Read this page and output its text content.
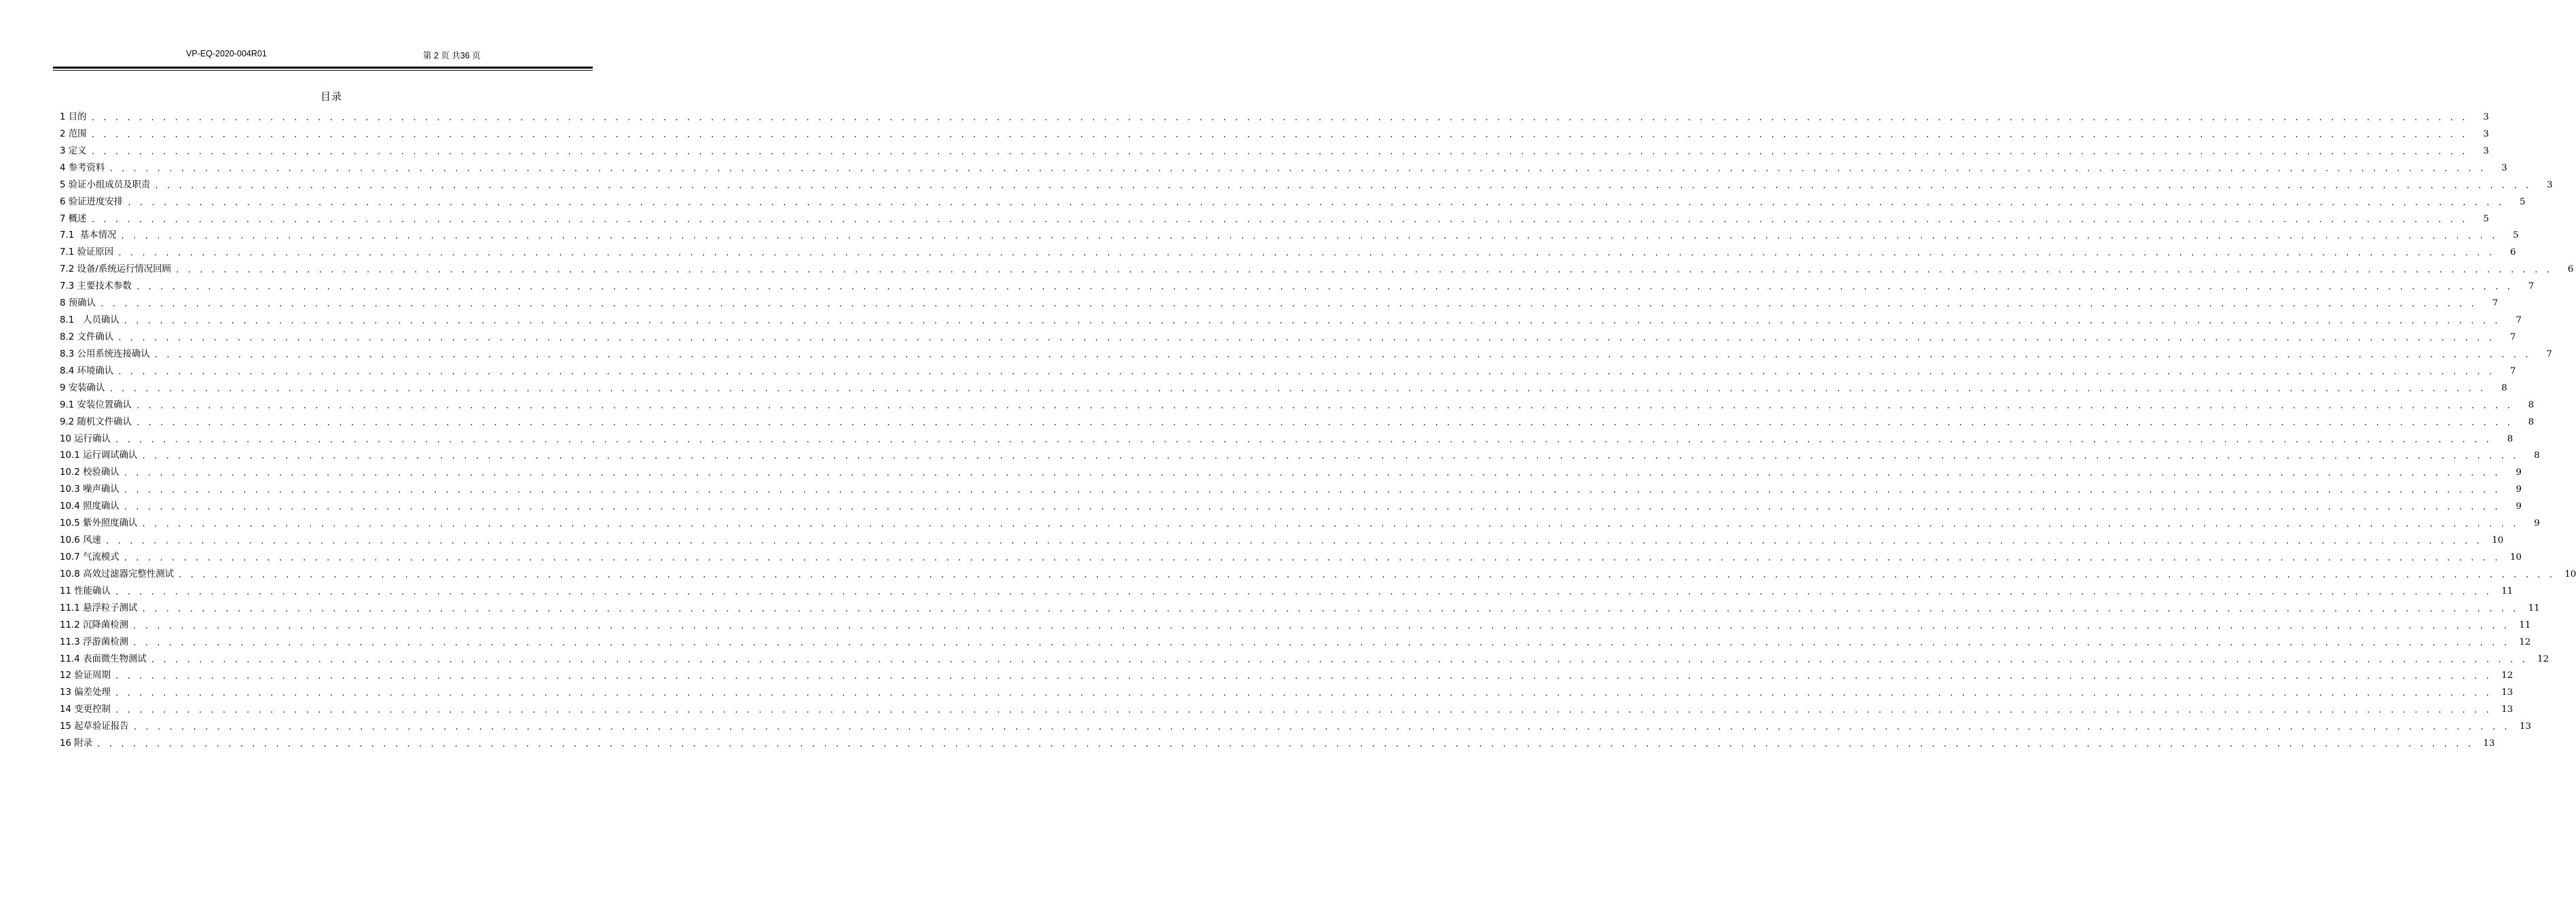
VP-EQ-2020-004R01	第 2 页 共36 页
目录
1 目的 . . . . . . . . . . . . . . . . . . . . . . . . . . . . . . . . . . . . . . . . . . . . . . . . . . . . . . . . . . . . . . . . . . . . . . . . . . . . . . . . . . . . . . . . . . . . . . . . . . . . . . . . . . . . . . . . . . . . . . . . . . . . . . . . . . . . . . . . . . . . . . . . . . . . . . . . . . . . . . . . . . . . . . . . . . . . . . . . . . . . . . . . . . . . . . . . . . . . . . . .	3
2 范围 . . . . . . . . . . . . . . . . . . . . . . . . . . . . . . . . . . . . . . . . . . . . . . . . . . . . . . . . . . . . . . . . . . . . . . . . . . . . . . . . . . . . . . . . . . . . . . . . . . . . . . . . . . . . . . . . . . . . . . . . . . . . . . . . . . . . . . . . . . . . . . . . . . . . . . . . . . . . . . . . . . . . . . . . . . . . . . . . . . . . . . . . . . . . . . . . . . . . . . . .	3
3 定义 . . . . . . . . . . . . . . . . . . . . . . . . . . . . . . . . . . . . . . . . . . . . . . . . . . . . . . . . . . . . . . . . . . . . . . . . . . . . . . . . . . . . . . . . . . . . . . . . . . . . . . . . . . . . . . . . . . . . . . . . . . . . . . . . . . . . . . . . . . . . . . . . . . . . . . . . . . . . . . . . . . . . . . . . . . . . . . . . . . . . . . . . . . . . . . . . . . . . . . . .	3
4 参考资料 . . . . . . . . . . . . . . . . . . . . . . . . . . . . . . . . . . . . . . . . . . . . . . . . . . . . . . . . . . . . . . . . . . . . . . . . . . . . . . . . . . . . . . . . . . . . . . . . . . . . . . . . . . . . . . . . . . . . . . . . . . . . . . . . . . . . . . . . . . . . . . . . . . . . . . . . . . . . . . . . . . . . . . . . . . . . . . . . . . . . . . . . . . . . . . . . . . . . . . . .	3
5 验证小组成员及职责 . . . . . . . . . . . . . . . . . . . . . . . . . . . . . . . . . . . . . . . . . . . . . . . . . . . . . . . . . . . . . . . . . . . . . . . . . . . . . . . . . . . . . . . . . . . . . . . . . . . . . . . . . . . . . . . . . . . . . . . . . . . . . . . . . . . . . . . . . . . . . . . . . . . . . . . . . . . . . . . . . . . . . . . . . . . . . . . . . . . . . . . . . . . . . . . . . . . . . . . .	3
6 验证进度安排 . . . . . . . . . . . . . . . . . . . . . . . . . . . . . . . . . . . . . . . . . . . . . . . . . . . . . . . . . . . . . . . . . . . . . . . . . . . . . . . . . . . . . . . . . . . . . . . . . . . . . . . . . . . . . . . . . . . . . . . . . . . . . . . . . . . . . . . . . . . . . . . . . . . . . . . . . . . . . . . . . . . . . . . . . . . . . . . . . . . . . . . . . . . . . . . . . . . . . . . .	5
7 概述 . . . . . . . . . . . . . . . . . . . . . . . . . . . . . . . . . . . . . . . . . . . . . . . . . . . . . . . . . . . . . . . . . . . . . . . . . . . . . . . . . . . . . . . . . . . . . . . . . . . . . . . . . . . . . . . . . . . . . . . . . . . . . . . . . . . . . . . . . . . . . . . . . . . . . . . . . . . . . . . . . . . . . . . . . . . . . . . . . . . . . . . . . . . . . . . . . . . . . . . .	5
7.1  基本情况 . . . . . . . . . . . . . . . . . . . . . . . . . . . . . . . . . . . . . . . . . . . . . . . . . . . . . . . . . . . . . . . . . . . . . . . . . . . . . . . . . . . . . . . . . . . . . . . . . . . . . . . . . . . . . . . . . . . . . . . . . . . . . . . . . . . . . . . . . . . . . . . . . . . . . . . . . . . . . . . . . . . . . . . . . . . . . . . . . . . . . . . . . . . . . . . . . . . . . . . .	5
7.1 验证原因 . . . . . . . . . . . . . . . . . . . . . . . . . . . . . . . . . . . . . . . . . . . . . . . . . . . . . . . . . . . . . . . . . . . . . . . . . . . . . . . . . . . . . . . . . . . . . . . . . . . . . . . . . . . . . . . . . . . . . . . . . . . . . . . . . . . . . . . . . . . . . . . . . . . . . . . . . . . . . . . . . . . . . . . . . . . . . . . . . . . . . . . . . . . . . . . . . . . . . . . .	6
7.2 设备/系统运行情况回顾 . . . . . . . . . . . . . . . . . . . . . . . . . . . . . . . . . . . . . . . . . . . . . . . . . . . . . . . . . . . . . . . . . . . . . . . . . . . . . . . . . . . . . . . . . . . . . . . . . . . . . . . . . . . . . . . . . . . . . . . . . . . . . . . . . . . . . . . . . . . . . . . . . . . . . . . . . . . . . . . . . . . . . . . . . . . . . . . . . . . . . . . . . . . . . . . . . . . . . . . .	6
7.3 主要技术参数 . . . . . . . . . . . . . . . . . . . . . . . . . . . . . . . . . . . . . . . . . . . . . . . . . . . . . . . . . . . . . . . . . . . . . . . . . . . . . . . . . . . . . . . . . . . . . . . . . . . . . . . . . . . . . . . . . . . . . . . . . . . . . . . . . . . . . . . . . . . . . . . . . . . . . . . . . . . . . . . . . . . . . . . . . . . . . . . . . . . . . . . . . . . . . . . . . . . . . . . .	7
8 预确认 . . . . . . . . . . . . . . . . . . . . . . . . . . . . . . . . . . . . . . . . . . . . . . . . . . . . . . . . . . . . . . . . . . . . . . . . . . . . . . . . . . . . . . . . . . . . . . . . . . . . . . . . . . . . . . . . . . . . . . . . . . . . . . . . . . . . . . . . . . . . . . . . . . . . . . . . . . . . . . . . . . . . . . . . . . . . . . . . . . . . . . . . . . . . . . . . . . . . . . . .	7
8.1   人员确认 . . . . . . . . . . . . . . . . . . . . . . . . . . . . . . . . . . . . . . . . . . . . . . . . . . . . . . . . . . . . . . . . . . . . . . . . . . . . . . . . . . . . . . . . . . . . . . . . . . . . . . . . . . . . . . . . . . . . . . . . . . . . . . . . . . . . . . . . . . . . . . . . . . . . . . . . . . . . . . . . . . . . . . . . . . . . . . . . . . . . . . . . . . . . . . . . . . . . . . . .	7
8.2 文件确认 . . . . . . . . . . . . . . . . . . . . . . . . . . . . . . . . . . . . . . . . . . . . . . . . . . . . . . . . . . . . . . . . . . . . . . . . . . . . . . . . . . . . . . . . . . . . . . . . . . . . . . . . . . . . . . . . . . . . . . . . . . . . . . . . . . . . . . . . . . . . . . . . . . . . . . . . . . . . . . . . . . . . . . . . . . . . . . . . . . . . . . . . . . . . . . . . . . . . . . . .	7
8.3 公用系统连接确认 . . . . . . . . . . . . . . . . . . . . . . . . . . . . . . . . . . . . . . . . . . . . . . . . . . . . . . . . . . . . . . . . . . . . . . . . . . . . . . . . . . . . . . . . . . . . . . . . . . . . . . . . . . . . . . . . . . . . . . . . . . . . . . . . . . . . . . . . . . . . . . . . . . . . . . . . . . . . . . . . . . . . . . . . . . . . . . . . . . . . . . . . . . . . . . . . . . . . . . . .	7
8.4 环境确认 . . . . . . . . . . . . . . . . . . . . . . . . . . . . . . . . . . . . . . . . . . . . . . . . . . . . . . . . . . . . . . . . . . . . . . . . . . . . . . . . . . . . . . . . . . . . . . . . . . . . . . . . . . . . . . . . . . . . . . . . . . . . . . . . . . . . . . . . . . . . . . . . . . . . . . . . . . . . . . . . . . . . . . . . . . . . . . . . . . . . . . . . . . . . . . . . . . . . . . . .	7
9 安装确认 . . . . . . . . . . . . . . . . . . . . . . . . . . . . . . . . . . . . . . . . . . . . . . . . . . . . . . . . . . . . . . . . . . . . . . . . . . . . . . . . . . . . . . . . . . . . . . . . . . . . . . . . . . . . . . . . . . . . . . . . . . . . . . . . . . . . . . . . . . . . . . . . . . . . . . . . . . . . . . . . . . . . . . . . . . . . . . . . . . . . . . . . . . . . . . . . . . . . . . . .	8
9.1 安装位置确认 . . . . . . . . . . . . . . . . . . . . . . . . . . . . . . . . . . . . . . . . . . . . . . . . . . . . . . . . . . . . . . . . . . . . . . . . . . . . . . . . . . . . . . . . . . . . . . . . . . . . . . . . . . . . . . . . . . . . . . . . . . . . . . . . . . . . . . . . . . . . . . . . . . . . . . . . . . . . . . . . . . . . . . . . . . . . . . . . . . . . . . . . . . . . . . . . . . . . . . . .	8
9.2 随机文件确认 . . . . . . . . . . . . . . . . . . . . . . . . . . . . . . . . . . . . . . . . . . . . . . . . . . . . . . . . . . . . . . . . . . . . . . . . . . . . . . . . . . . . . . . . . . . . . . . . . . . . . . . . . . . . . . . . . . . . . . . . . . . . . . . . . . . . . . . . . . . . . . . . . . . . . . . . . . . . . . . . . . . . . . . . . . . . . . . . . . . . . . . . . . . . . . . . . . . . . . . .	8
10 运行确认 . . . . . . . . . . . . . . . . . . . . . . . . . . . . . . . . . . . . . . . . . . . . . . . . . . . . . . . . . . . . . . . . . . . . . . . . . . . . . . . . . . . . . . . . . . . . . . . . . . . . . . . . . . . . . . . . . . . . . . . . . . . . . . . . . . . . . . . . . . . . . . . . . . . . . . . . . . . . . . . . . . . . . . . . . . . . . . . . . . . . . . . . . . . . . . . . . . . . . . . .	8
10.1 运行调试确认 . . . . . . . . . . . . . . . . . . . . . . . . . . . . . . . . . . . . . . . . . . . . . . . . . . . . . . . . . . . . . . . . . . . . . . . . . . . . . . . . . . . . . . . . . . . . . . . . . . . . . . . . . . . . . . . . . . . . . . . . . . . . . . . . . . . . . . . . . . . . . . . . . . . . . . . . . . . . . . . . . . . . . . . . . . . . . . . . . . . . . . . . . . . . . . . . . . . . . . . .	8
10.2 校验确认 . . . . . . . . . . . . . . . . . . . . . . . . . . . . . . . . . . . . . . . . . . . . . . . . . . . . . . . . . . . . . . . . . . . . . . . . . . . . . . . . . . . . . . . . . . . . . . . . . . . . . . . . . . . . . . . . . . . . . . . . . . . . . . . . . . . . . . . . . . . . . . . . . . . . . . . . . . . . . . . . . . . . . . . . . . . . . . . . . . . . . . . . . . . . . . . . . . . . . . . .	9
10.3 噪声确认 . . . . . . . . . . . . . . . . . . . . . . . . . . . . . . . . . . . . . . . . . . . . . . . . . . . . . . . . . . . . . . . . . . . . . . . . . . . . . . . . . . . . . . . . . . . . . . . . . . . . . . . . . . . . . . . . . . . . . . . . . . . . . . . . . . . . . . . . . . . . . . . . . . . . . . . . . . . . . . . . . . . . . . . . . . . . . . . . . . . . . . . . . . . . . . . . . . . . . . . .	9
10.4 照度确认 . . . . . . . . . . . . . . . . . . . . . . . . . . . . . . . . . . . . . . . . . . . . . . . . . . . . . . . . . . . . . . . . . . . . . . . . . . . . . . . . . . . . . . . . . . . . . . . . . . . . . . . . . . . . . . . . . . . . . . . . . . . . . . . . . . . . . . . . . . . . . . . . . . . . . . . . . . . . . . . . . . . . . . . . . . . . . . . . . . . . . . . . . . . . . . . . . . . . . . . .	9
10.5 紫外照度确认 . . . . . . . . . . . . . . . . . . . . . . . . . . . . . . . . . . . . . . . . . . . . . . . . . . . . . . . . . . . . . . . . . . . . . . . . . . . . . . . . . . . . . . . . . . . . . . . . . . . . . . . . . . . . . . . . . . . . . . . . . . . . . . . . . . . . . . . . . . . . . . . . . . . . . . . . . . . . . . . . . . . . . . . . . . . . . . . . . . . . . . . . . . . . . . . . . . . . . . . .	9
10.6 风速 . . . . . . . . . . . . . . . . . . . . . . . . . . . . . . . . . . . . . . . . . . . . . . . . . . . . . . . . . . . . . . . . . . . . . . . . . . . . . . . . . . . . . . . . . . . . . . . . . . . . . . . . . . . . . . . . . . . . . . . . . . . . . . . . . . . . . . . . . . . . . . . . . . . . . . . . . . . . . . . . . . . . . . . . . . . . . . . . . . . . . . . . . . . . . . . . . . . . . . . .	10
10.7 气流模式 . . . . . . . . . . . . . . . . . . . . . . . . . . . . . . . . . . . . . . . . . . . . . . . . . . . . . . . . . . . . . . . . . . . . . . . . . . . . . . . . . . . . . . . . . . . . . . . . . . . . . . . . . . . . . . . . . . . . . . . . . . . . . . . . . . . . . . . . . . . . . . . . . . . . . . . . . . . . . . . . . . . . . . . . . . . . . . . . . . . . . . . . . . . . . . . . . . . . . . . .	10
10.8 高效过滤器完整性测试 . . . . . . . . . . . . . . . . . . . . . . . . . . . . . . . . . . . . . . . . . . . . . . . . . . . . . . . . . . . . . . . . . . . . . . . . . . . . . . . . . . . . . . . . . . . . . . . . . . . . . . . . . . . . . . . . . . . . . . . . . . . . . . . . . . . . . . . . . . . . . . . . . . . . . . . . . . . . . . . . . . . . . . . . . . . . . . . . . . . . . . . . . . . . . . . . . . . . . . . .	10
11 性能确认 . . . . . . . . . . . . . . . . . . . . . . . . . . . . . . . . . . . . . . . . . . . . . . . . . . . . . . . . . . . . . . . . . . . . . . . . . . . . . . . . . . . . . . . . . . . . . . . . . . . . . . . . . . . . . . . . . . . . . . . . . . . . . . . . . . . . . . . . . . . . . . . . . . . . . . . . . . . . . . . . . . . . . . . . . . . . . . . . . . . . . . . . . . . . . . . . . . . . . . . .	11
11.1 悬浮粒子测试 . . . . . . . . . . . . . . . . . . . . . . . . . . . . . . . . . . . . . . . . . . . . . . . . . . . . . . . . . . . . . . . . . . . . . . . . . . . . . . . . . . . . . . . . . . . . . . . . . . . . . . . . . . . . . . . . . . . . . . . . . . . . . . . . . . . . . . . . . . . . . . . . . . . . . . . . . . . . . . . . . . . . . . . . . . . . . . . . . . . . . . . . . . . . . . . . . . . . . . . .	11
11.2 沉降菌检测 . . . . . . . . . . . . . . . . . . . . . . . . . . . . . . . . . . . . . . . . . . . . . . . . . . . . . . . . . . . . . . . . . . . . . . . . . . . . . . . . . . . . . . . . . . . . . . . . . . . . . . . . . . . . . . . . . . . . . . . . . . . . . . . . . . . . . . . . . . . . . . . . . . . . . . . . . . . . . . . . . . . . . . . . . . . . . . . . . . . . . . . . . . . . . . . . . . . . . . . .	11
11.3 浮游菌检测 . . . . . . . . . . . . . . . . . . . . . . . . . . . . . . . . . . . . . . . . . . . . . . . . . . . . . . . . . . . . . . . . . . . . . . . . . . . . . . . . . . . . . . . . . . . . . . . . . . . . . . . . . . . . . . . . . . . . . . . . . . . . . . . . . . . . . . . . . . . . . . . . . . . . . . . . . . . . . . . . . . . . . . . . . . . . . . . . . . . . . . . . . . . . . . . . . . . . . . . .	12
11.4 表面微生物测试 . . . . . . . . . . . . . . . . . . . . . . . . . . . . . . . . . . . . . . . . . . . . . . . . . . . . . . . . . . . . . . . . . . . . . . . . . . . . . . . . . . . . . . . . . . . . . . . . . . . . . . . . . . . . . . . . . . . . . . . . . . . . . . . . . . . . . . . . . . . . . . . . . . . . . . . . . . . . . . . . . . . . . . . . . . . . . . . . . . . . . . . . . . . . . . . . . . . . . . . .	12
12 验证周期 . . . . . . . . . . . . . . . . . . . . . . . . . . . . . . . . . . . . . . . . . . . . . . . . . . . . . . . . . . . . . . . . . . . . . . . . . . . . . . . . . . . . . . . . . . . . . . . . . . . . . . . . . . . . . . . . . . . . . . . . . . . . . . . . . . . . . . . . . . . . . . . . . . . . . . . . . . . . . . . . . . . . . . . . . . . . . . . . . . . . . . . . . . . . . . . . . . . . . . . .	12
13 偏差处理 . . . . . . . . . . . . . . . . . . . . . . . . . . . . . . . . . . . . . . . . . . . . . . . . . . . . . . . . . . . . . . . . . . . . . . . . . . . . . . . . . . . . . . . . . . . . . . . . . . . . . . . . . . . . . . . . . . . . . . . . . . . . . . . . . . . . . . . . . . . . . . . . . . . . . . . . . . . . . . . . . . . . . . . . . . . . . . . . . . . . . . . . . . . . . . . . . . . . . . . .	13
14 变更控制 . . . . . . . . . . . . . . . . . . . . . . . . . . . . . . . . . . . . . . . . . . . . . . . . . . . . . . . . . . . . . . . . . . . . . . . . . . . . . . . . . . . . . . . . . . . . . . . . . . . . . . . . . . . . . . . . . . . . . . . . . . . . . . . . . . . . . . . . . . . . . . . . . . . . . . . . . . . . . . . . . . . . . . . . . . . . . . . . . . . . . . . . . . . . . . . . . . . . . . . .	13
15 起草验证报告 . . . . . . . . . . . . . . . . . . . . . . . . . . . . . . . . . . . . . . . . . . . . . . . . . . . . . . . . . . . . . . . . . . . . . . . . . . . . . . . . . . . . . . . . . . . . . . . . . . . . . . . . . . . . . . . . . . . . . . . . . . . . . . . . . . . . . . . . . . . . . . . . . . . . . . . . . . . . . . . . . . . . . . . . . . . . . . . . . . . . . . . . . . . . . . . . . . . . . . . .	13
16 附录 . . . . . . . . . . . . . . . . . . . . . . . . . . . . . . . . . . . . . . . . . . . . . . . . . . . . . . . . . . . . . . . . . . . . . . . . . . . . . . . . . . . . . . . . . . . . . . . . . . . . . . . . . . . . . . . . . . . . . . . . . . . . . . . . . . . . . . . . . . . . . . . . . . . . . . . . . . . . . . . . . . . . . . . . . . . . . . . . . . . . . . . . . . . . . . . . . . . . . . . .	13
